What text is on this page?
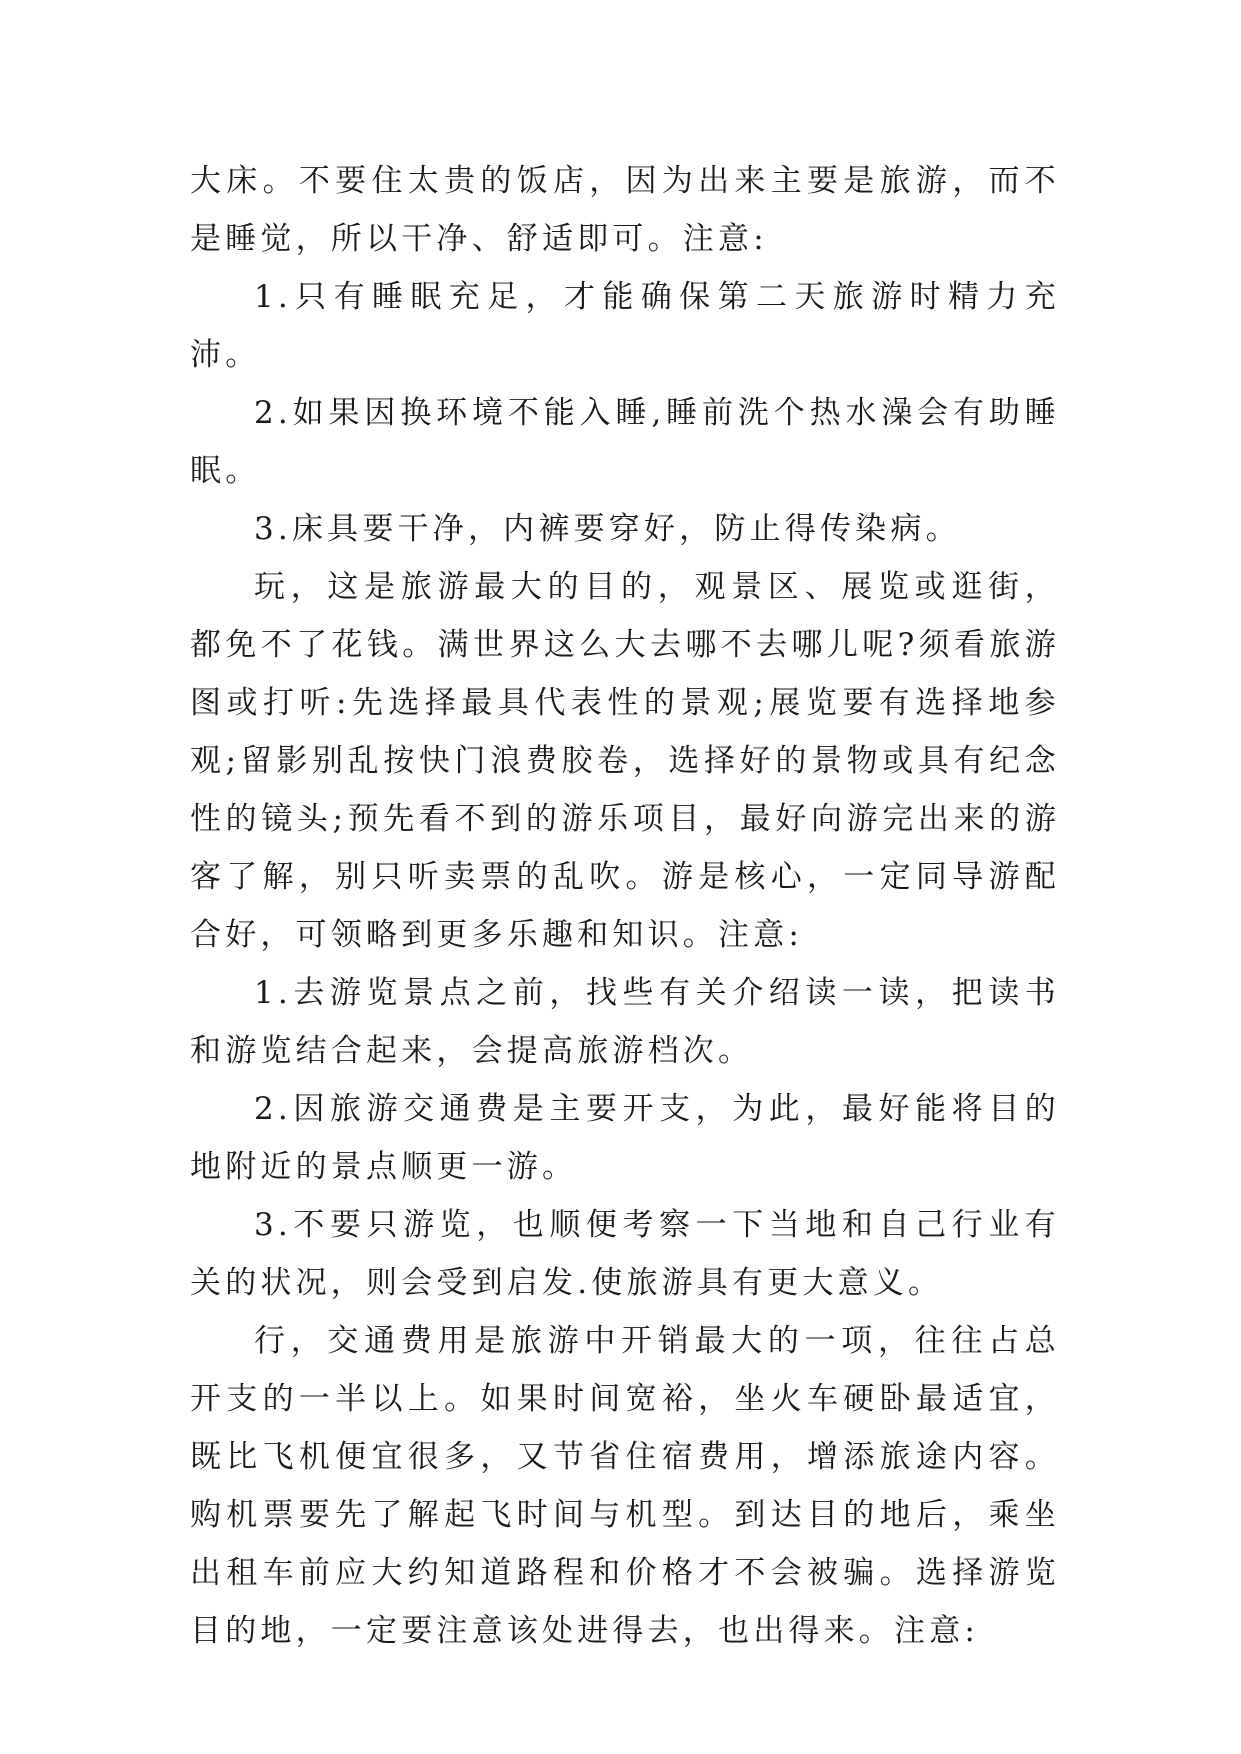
大床。不要住太贵的饭店，因为出来主要是旅游，而不是睡觉，所以干净、舒适即可。注意:

1.只有睡眠充足，才能确保第二天旅游时精力充沛。

2.如果因换环境不能入睡,睡前洗个热水澡会有助睡眠。

3.床具要干净，内裤要穿好，防止得传染病。

玩，这是旅游最大的目的，观景区、展览或逛街，都免不了花钱。满世界这么大去哪不去哪儿呢?须看旅游图或打听:先选择最具代表性的景观;展览要有选择地参观;留影别乱按快门浪费胶卷，选择好的景物或具有纪念性的镜头;预先看不到的游乐项目，最好向游完出来的游客了解，别只听卖票的乱吹。游是核心，一定同导游配合好，可领略到更多乐趣和知识。注意:

1.去游览景点之前，找些有关介绍读一读，把读书和游览结合起来，会提高旅游档次。

2.因旅游交通费是主要开支，为此，最好能将目的地附近的景点顺更一游。

3.不要只游览，也顺便考察一下当地和自己行业有关的状况，则会受到启发.使旅游具有更大意义。

行，交通费用是旅游中开销最大的一项，往往占总开支的一半以上。如果时间宽裕，坐火车硬卧最适宜，既比飞机便宜很多，又节省住宿费用，增添旅途内容。购机票要先了解起飞时间与机型。到达目的地后，乘坐出租车前应大约知道路程和价格才不会被骗。选择游览目的地，一定要注意该处进得去，也出得来。注意:
